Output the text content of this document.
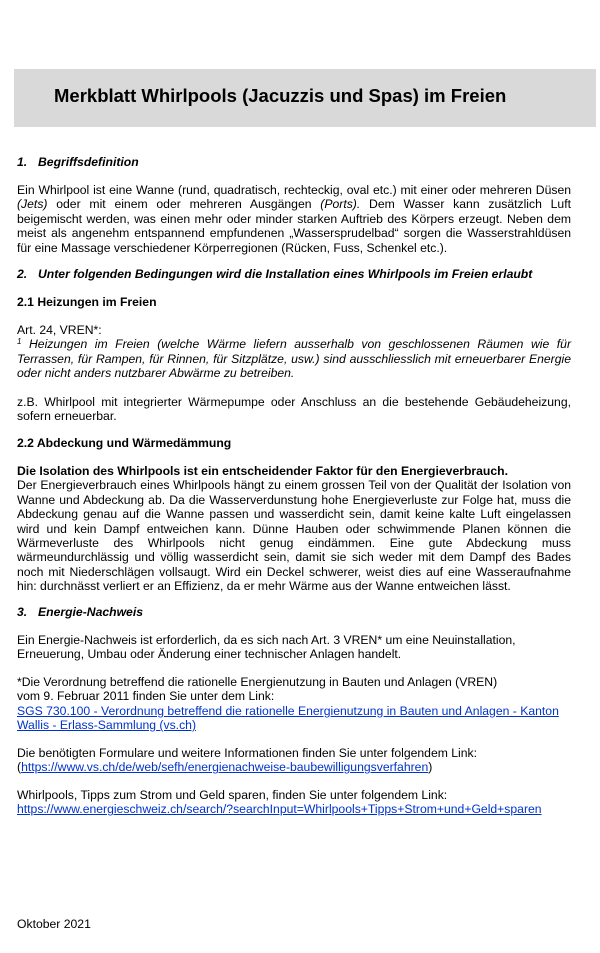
Merkblatt Whirlpools (Jacuzzis und Spas) im Freien
1. Begriffsdefinition
Ein Whirlpool ist eine Wanne (rund, quadratisch, rechteckig, oval etc.) mit einer oder mehreren Düsen
(Jets) oder mit einem oder mehreren Ausgängen (Ports). Dem Wasser kann zusätzlich Luft
beigemischt werden, was einen mehr oder minder starken Auftrieb des Körpers erzeugt. Neben dem
meist als angenehm entspannend empfundenen „Wassersprudelbad“ sorgen die Wasserstrahldüsen
für eine Massage verschiedener Körperregionen (Rücken, Fuss, Schenkel etc.).
2. Unter folgenden Bedingungen wird die Installation eines Whirlpools im Freien erlaubt
2.1 Heizungen im Freien
Art. 24, VREN*:
$^1$ Heizungen im Freien (welche Wärme liefern ausserhalb von geschlossenen Räumen wie für
Terrassen, für Rampen, für Rinnen, für Sitzplätze, usw.) sind ausschliesslich mit erneuerbarer Energie
oder nicht anders nutzbarer Abwärme zu betreiben.
z.B. Whirlpool mit integrierter Wärmepumpe oder Anschluss an die bestehende Gebäudeheizung,
sofern erneuerbar.
2.2 Abdeckung und Wärmedämmung
Die Isolation des Whirlpools ist ein entscheidender Faktor für den Energieverbrauch.
Der Energieverbrauch eines Whirlpools hängt zu einem grossen Teil von der Qualität der Isolation von
Wanne und Abdeckung ab. Da die Wasserverdunstung hohe Energieverluste zur Folge hat, muss die
Abdeckung genau auf die Wanne passen und wasserdicht sein, damit keine kalte Luft eingelassen
wird und kein Dampf entweichen kann. Dünne Hauben oder schwimmende Planen können die
Wärmeverluste des Whirlpools nicht genug eindämmen. Eine gute Abdeckung muss
wärmeundurchlässig und völlig wasserdicht sein, damit sie sich weder mit dem Dampf des Bades
noch mit Niederschlägen vollsaugt. Wird ein Deckel schwerer, weist dies auf eine Wasseraufnahme
hin: durchnässt verliert er an Effizienz, da er mehr Wärme aus der Wanne entweichen lässt.
3. Energie-Nachweis
Ein Energie-Nachweis ist erforderlich, da es sich nach Art. 3 VREN* um eine Neuinstallation,
Erneuerung, Umbau oder Änderung einer technischer Anlagen handelt.
*Die Verordnung betreffend die rationelle Energienutzung in Bauten und Anlagen (VREN)
vom 9. Februar 2011 finden Sie unter dem Link:
SGS 730.100 - Verordnung betreffend die rationelle Energienutzung in Bauten und Anlagen - Kanton
Wallis - Erlass-Sammlung (vs.ch)
Die benötigten Formulare und weitere Informationen finden Sie unter folgendem Link:
(https://www.vs.ch/de/web/sefh/energienachweise-baubewilligungsverfahren)
Whirlpools, Tipps zum Strom und Geld sparen, finden Sie unter folgendem Link:
https://www.energieschweiz.ch/search/?searchInput=Whirlpools+Tipps+Strom+und+Geld+sparen
Oktober 2021
